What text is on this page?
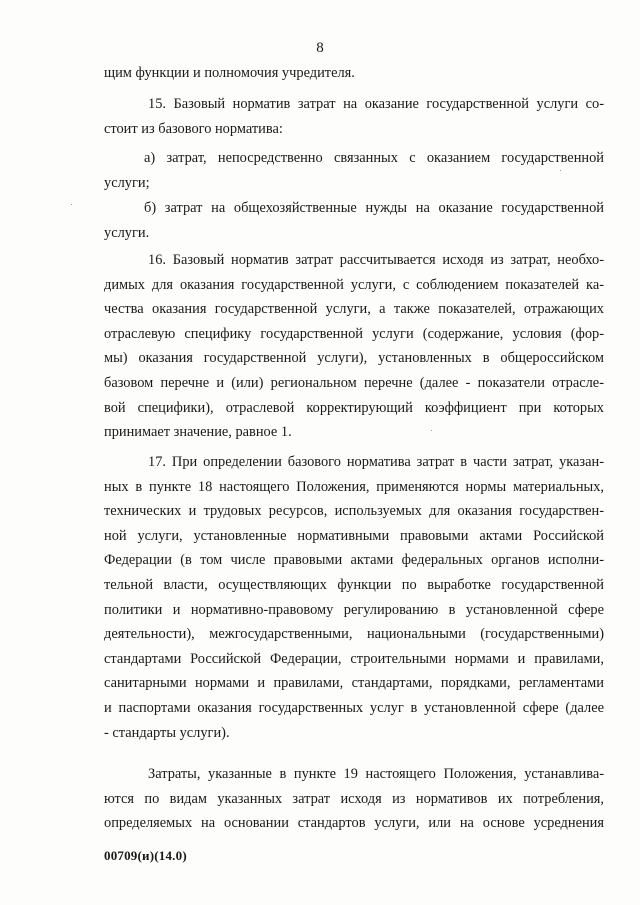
8
щим функции и полномочия учредителя.
15. Базовый норматив затрат на оказание государственной услуги со-
стоит из базового норматива:
а) затрат, непосредственно связанных с оказанием государственной
услуги;
б) затрат на общехозяйственные нужды на оказание государственной
услуги.
16. Базовый норматив затрат рассчитывается исходя из затрат, необхо-
димых для оказания государственной услуги, с соблюдением показателей ка-
чества оказания государственной услуги, а также показателей, отражающих
отраслевую специфику государственной услуги (содержание, условия (фор-
мы) оказания государственной услуги), установленных в общероссийском
базовом перечне и (или) региональном перечне (далее - показатели отрасле-
вой специфики), отраслевой корректирующий коэффициент при которых
принимает значение, равное 1.
17. При определении базового норматива затрат в части затрат, указан-
ных в пункте 18 настоящего Положения, применяются нормы материальных,
технических и трудовых ресурсов, используемых для оказания государствен-
ной услуги, установленные нормативными правовыми актами Российской
Федерации (в том числе правовыми актами федеральных органов исполни-
тельной власти, осуществляющих функции по выработке государственной
политики и нормативно-правовому регулированию в установленной сфере
деятельности), межгосударственными, национальными (государственными)
стандартами Российской Федерации, строительными нормами и правилами,
санитарными нормами и правилами, стандартами, порядками, регламентами
и паспортами оказания государственных услуг в установленной сфере (далее
- стандарты услуги).
Затраты, указанные в пункте 19 настоящего Положения, устанавлива-
ются по видам указанных затрат исходя из нормативов их потребления,
определяемых на основании стандартов услуги, или на основе усреднения
00709(и)(14.0)
